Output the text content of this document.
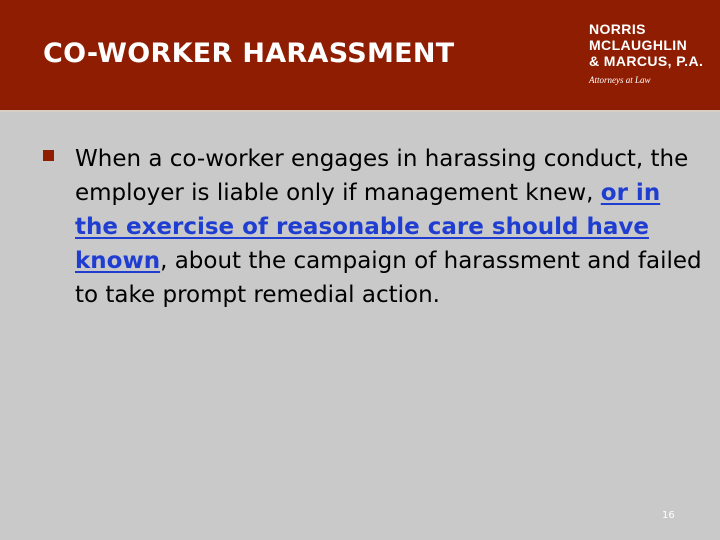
CO-WORKER HARASSMENT
NORRIS
MCLAUGHLIN
& MARCUS, P.A.
Attorneys at Law
When a co-worker engages in harassing conduct, the employer is liable only if management knew, or in the exercise of reasonable care should have known, about the campaign of harassment and failed to take prompt remedial action.
16
